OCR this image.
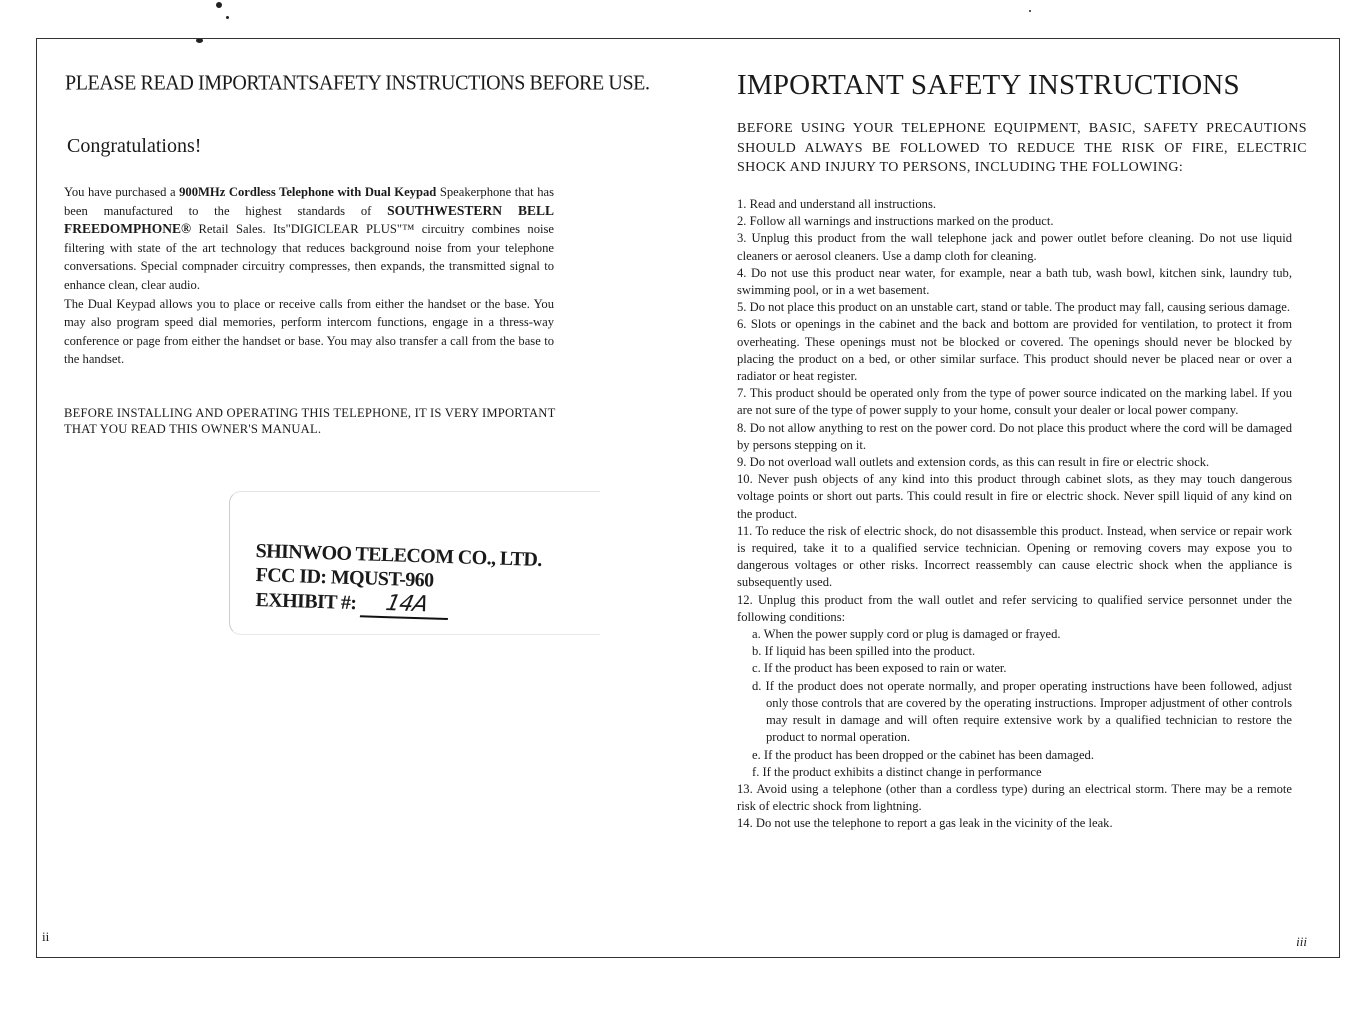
PLEASE READ IMPORTANTSAFETY INSTRUCTIONS BEFORE USE.
Congratulations!

You have purchased a 900MHz Cordless Telephone with Dual Keypad Speakerphone that has been manufactured to the highest standards of SOUTHWESTERN BELL FREEDOMPHONE® Retail Sales. Its"DIGICLEAR PLUS"™ circuitry combines noise filtering with state of the art technology that reduces background noise from your telephone conversations. Special compnader circuitry compresses, then expands, the transmitted signal to enhance clean, clear audio.

The Dual Keypad allows you to place or receive calls from either the handset or the base. You may also program speed dial memories, perform intercom functions, engage in a thress-way conference or page from either the handset or base. You may also transfer a call from the base to the handset.

BEFORE INSTALLING AND OPERATING THIS TELEPHONE, IT IS VERY IMPORTANT THAT YOU READ THIS OWNER'S MANUAL.

SHINWOO TELECOM CO., LTD.
FCC ID: MQUST-960
EXHIBIT #: 14A
ii
IMPORTANT SAFETY INSTRUCTIONS

BEFORE USING YOUR TELEPHONE EQUIPMENT, BASIC, SAFETY PRECAUTIONS SHOULD ALWAYS BE FOLLOWED TO REDUCE THE RISK OF FIRE, ELECTRIC SHOCK AND INJURY TO PERSONS, INCLUDING THE FOLLOWING:

1. Read and understand all instructions.
2. Follow all warnings and instructions marked on the product.
3. Unplug this product from the wall telephone jack and power outlet before cleaning. Do not use liquid cleaners or aerosol cleaners. Use a damp cloth for cleaning.
4. Do not use this product near water, for example, near a bath tub, wash bowl, kitchen sink, laundry tub, swimming pool, or in a wet basement.
5. Do not place this product on an unstable cart, stand or table. The product may fall, causing serious damage.
6. Slots or openings in the cabinet and the back and bottom are provided for ventilation, to protect it from overheating. These openings must not be blocked or covered. The openings should never be blocked by placing the product on a bed, or other similar surface. This product should never be placed near or over a radiator or heat register.
7. This product should be operated only from the type of power source indicated on the marking label. If you are not sure of the type of power supply to your home, consult your dealer or local power company.
8. Do not allow anything to rest on the power cord. Do not place this product where the cord will be damaged by persons stepping on it.
9. Do not overload wall outlets and extension cords, as this can result in fire or electric shock.
10. Never push objects of any kind into this product through cabinet slots, as they may touch dangerous voltage points or short out parts. This could result in fire or electric shock. Never spill liquid of any kind on the product.
11. To reduce the risk of electric shock, do not disassemble this product. Instead, when service or repair work is required, take it to a qualified service technician. Opening or removing covers may expose you to dangerous voltages or other risks. Incorrect reassembly can cause electric shock when the appliance is subsequently used.
12. Unplug this product from the wall outlet and refer servicing to qualified service personnet under the following conditions:
a. When the power supply cord or plug is damaged or frayed.
b. If liquid has been spilled into the product.
c. If the product has been exposed to rain or water.
d. If the product does not operate normally, and proper operating instructions have been followed, adjust only those controls that are covered by the operating instructions. Improper adjustment of other controls may result in damage and will often require extensive work by a qualified technician to restore the product to normal operation.
e. If the product has been dropped or the cabinet has been damaged.
f. If the product exhibits a distinct change in performance
13. Avoid using a telephone (other than a cordless type) during an electrical storm. There may be a remote risk of electric shock from lightning.
14. Do not use the telephone to report a gas leak in the vicinity of the leak.
iii
